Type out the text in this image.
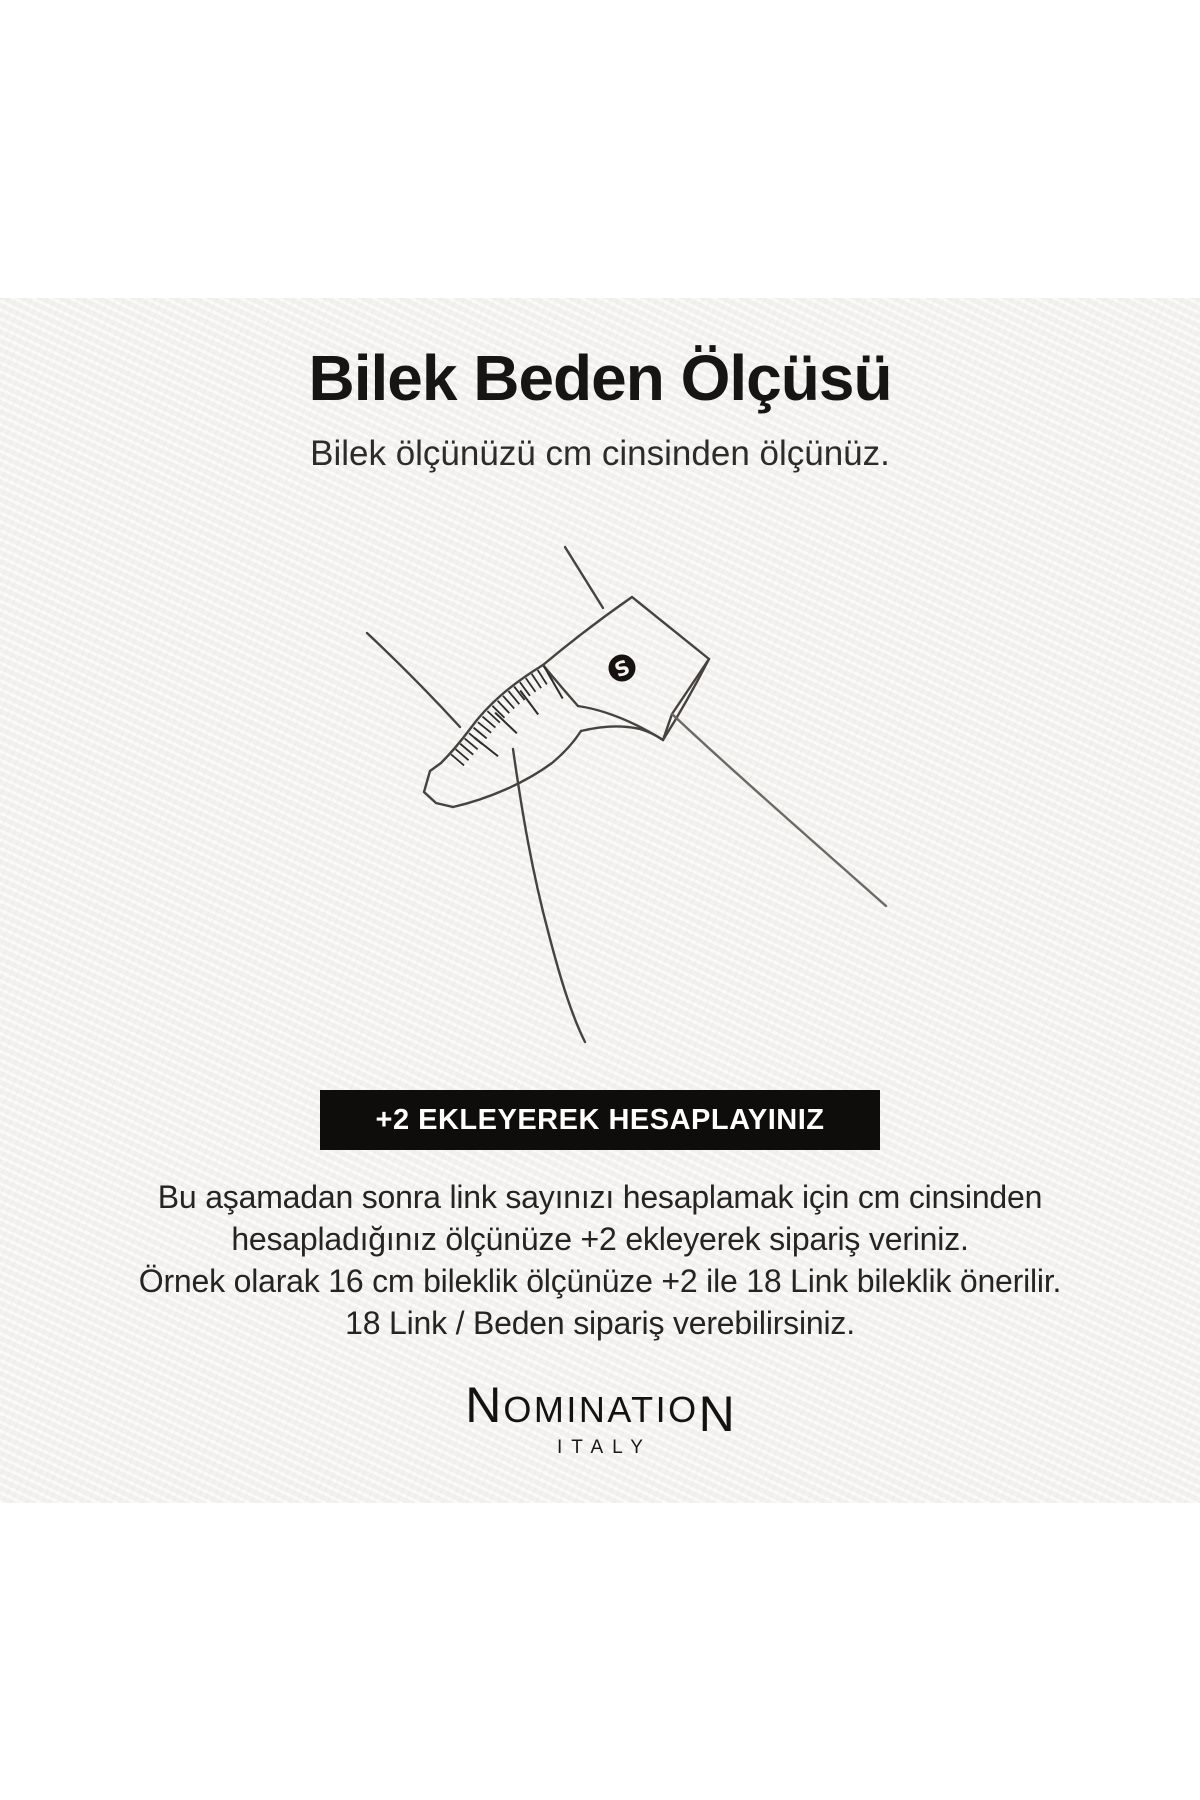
Bilek Beden Ölçüsü
Bilek ölçünüzü cm cinsinden ölçünüz.
S
+2 EKLEYEREK HESAPLAYINIZ
Bu aşamadan sonra link sayınızı hesaplamak için cm cinsinden
hesapladığınız ölçünüze +2 ekleyerek sipariş veriniz.
Örnek olarak 16 cm bileklik ölçünüze +2 ile 18 Link bileklik önerilir.
18 Link / Beden sipariş verebilirsiniz.
NOMINATION
ITALY
